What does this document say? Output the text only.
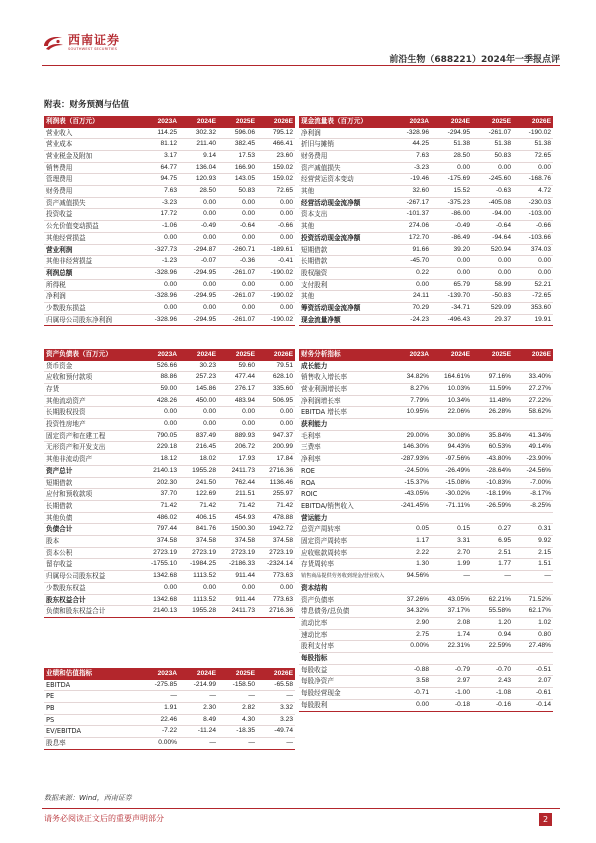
西南证券
SOUTHWEST SECURITIES
前沿生物（688221）2024年一季报点评
附表：财务预测与估值
利润表（百万元）	2023A	2024E	2025E	2026E
营业收入	114.25	302.32	596.06	795.12
营业成本	81.12	211.40	382.45	466.41
营业税金及附加	3.17	9.14	17.53	23.60
销售费用	64.77	136.04	166.90	159.02
管理费用	94.75	120.93	143.05	159.02
财务费用	7.63	28.50	50.83	72.65
资产减值损失	-3.23	0.00	0.00	0.00
投资收益	17.72	0.00	0.00	0.00
公允价值变动损益	-1.06	-0.49	-0.64	-0.66
其他经营损益	0.00	0.00	0.00	0.00
营业利润	-327.73	-294.87	-260.71	-189.61
其他非经营损益	-1.23	-0.07	-0.36	-0.41
利润总额	-328.96	-294.95	-261.07	-190.02
所得税	0.00	0.00	0.00	0.00
净利润	-328.96	-294.95	-261.07	-190.02
少数股东损益	0.00	0.00	0.00	0.00
归属母公司股东净利润	-328.96	-294.95	-261.07	-190.02
现金流量表（百万元）	2023A	2024E	2025E	2026E
净利润	-328.96	-294.95	-261.07	-190.02
折旧与摊销	44.25	51.38	51.38	51.38
财务费用	7.63	28.50	50.83	72.65
资产减值损失	-3.23	0.00	0.00	0.00
经营营运资本变动	-19.46	-175.69	-245.60	-168.76
其他	32.60	15.52	-0.63	4.72
经营活动现金流净额	-267.17	-375.23	-405.08	-230.03
资本支出	-101.37	-86.00	-94.00	-103.00
其他	274.06	-0.49	-0.64	-0.66
投资活动现金流净额	172.70	-86.49	-94.64	-103.66
短期借款	91.66	39.20	520.94	374.03
长期借款	-45.70	0.00	0.00	0.00
股权融资	0.22	0.00	0.00	0.00
支付股利	0.00	65.79	58.99	52.21
其他	24.11	-139.70	-50.83	-72.65
筹资活动现金流净额	70.29	-34.71	529.09	353.60
现金流量净额	-24.23	-496.43	29.37	19.91
资产负债表（百万元）	2023A	2024E	2025E	2026E
货币资金	526.66	30.23	59.60	79.51
应收和预付款项	88.86	257.23	477.44	628.10
存货	59.00	145.86	276.17	335.60
其他流动资产	428.26	450.00	483.94	506.95
长期股权投资	0.00	0.00	0.00	0.00
投资性房地产	0.00	0.00	0.00	0.00
固定资产和在建工程	790.05	837.49	889.93	947.37
无形资产和开发支出	229.18	216.45	206.72	200.99
其他非流动资产	18.12	18.02	17.93	17.84
资产总计	2140.13	1955.28	2411.73	2716.36
短期借款	202.30	241.50	762.44	1136.46
应付和预收款项	37.70	122.69	211.51	255.97
长期借款	71.42	71.42	71.42	71.42
其他负债	486.02	406.15	454.93	478.88
负债合计	797.44	841.76	1500.30	1942.72
股本	374.58	374.58	374.58	374.58
资本公积	2723.19	2723.19	2723.19	2723.19
留存收益	-1755.10	-1984.25	-2186.33	-2324.14
归属母公司股东权益	1342.68	1113.52	911.44	773.63
少数股东权益	0.00	0.00	0.00	0.00
股东权益合计	1342.68	1113.52	911.44	773.63
负债和股东权益合计	2140.13	1955.28	2411.73	2716.36
财务分析指标	2023A	2024E	2025E	2026E
成长能力				
销售收入增长率	34.82%	164.61%	97.16%	33.40%
营业利润增长率	8.27%	10.03%	11.59%	27.27%
净利润增长率	7.79%	10.34%	11.48%	27.22%
EBITDA 增长率	10.95%	22.06%	26.28%	58.62%
获利能力				
毛利率	29.00%	30.08%	35.84%	41.34%
三费率	146.30%	94.43%	60.53%	49.14%
净利率	-287.93%	-97.56%	-43.80%	-23.90%
ROE	-24.50%	-26.49%	-28.64%	-24.56%
ROA	-15.37%	-15.08%	-10.83%	-7.00%
ROIC	-43.05%	-30.02%	-18.19%	-8.17%
EBITDA/销售收入	-241.45%	-71.11%	-26.59%	-8.25%
营运能力				
总资产周转率	0.05	0.15	0.27	0.31
固定资产周转率	1.17	3.31	6.95	9.92
应收账款周转率	2.22	2.70	2.51	2.15
存货周转率	1.30	1.99	1.77	1.51
销售商品提供劳务收到现金/营业收入	94.56%	—	—	—
资本结构				
资产负债率	37.26%	43.05%	62.21%	71.52%
带息债务/总负债	34.32%	37.17%	55.58%	62.17%
流动比率	2.90	2.08	1.20	1.02
速动比率	2.75	1.74	0.94	0.80
股利支付率	0.00%	22.31%	22.59%	27.48%
每股指标				
每股收益	-0.88	-0.79	-0.70	-0.51
每股净资产	3.58	2.97	2.43	2.07
每股经营现金	-0.71	-1.00	-1.08	-0.61
每股股利	0.00	-0.18	-0.16	-0.14
业绩和估值指标	2023A	2024E	2025E	2026E
EBITDA	-275.85	-214.99	-158.50	-65.58
PE	—	—	—	—
PB	1.91	2.30	2.82	3.32
PS	22.46	8.49	4.30	3.23
EV/EBITDA	-7.22	-11.24	-18.35	-49.74
股息率	0.00%	—	—	—
数据来源：Wind，西南证券
请务必阅读正文后的重要声明部分	2
